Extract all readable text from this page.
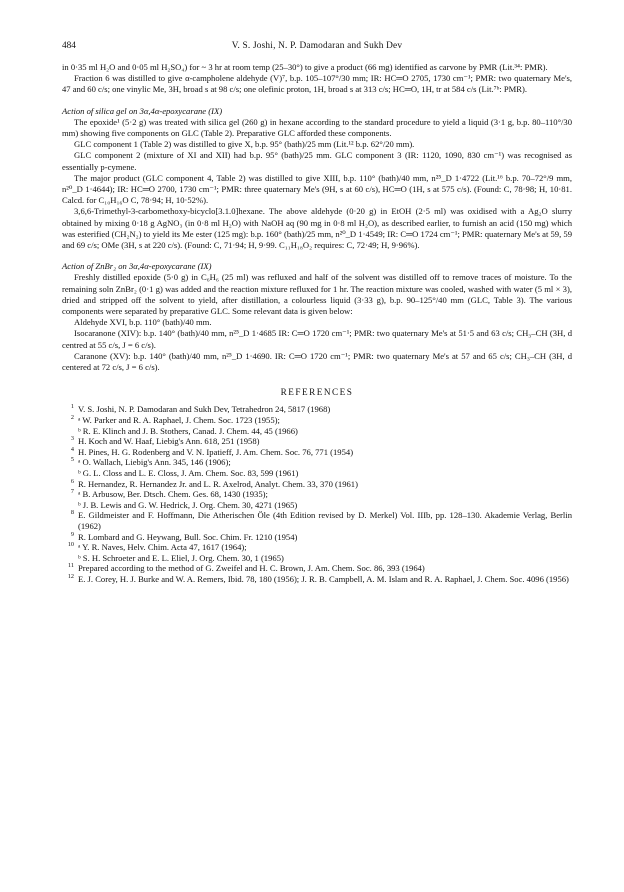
484	V. S. Joshi, N. P. Damodaran and Sukh Dev

in 0·35 ml H₂O and 0·05 ml H₂SO₄) for ~ 3 hr at room temp (25–30°) to give a product (66 mg) identified as carvone by PMR (Lit.³⁴: PMR).

Fraction 6 was distilled to give α-campholene aldehyde (V)⁷, b.p. 105–107°/30 mm; IR: HC═O 2705, 1730 cm⁻¹; PMR: two quaternary Me's, 47 and 60 c/s; one vinylic Me, 3H, broad s at 98 c/s; one olefinic proton, 1H, broad s at 313 c/s; HC═O, 1H, tr at 584 c/s (Lit.⁷ᵇ: PMR).

Action of silica gel on 3α,4α-epoxycarane (IX)

The epoxide¹ (5·2 g) was treated with silica gel (260 g) in hexane according to the standard procedure to yield a liquid (3·1 g, b.p. 80–110°/30 mm) showing five components on GLC (Table 2). Preparative GLC afforded these components.

GLC component 1 (Table 2) was distilled to give X, b.p. 95° (bath)/25 mm (Lit.¹² b.p. 62°/20 mm).

GLC component 2 (mixture of XI and XII) had b.p. 95° (bath)/25 mm. GLC component 3 (IR: 1120, 1090, 830 cm⁻¹) was recognised as essentially p-cymene.

The major product (GLC component 4, Table 2) was distilled to give XIII, b.p. 110° (bath)/40 mm, n²⁵_D 1·4722 (Lit.¹⁶ b.p. 70–72°/9 mm, n²⁰_D 1·4644); IR: HC═O 2700, 1730 cm⁻¹; PMR: three quaternary Me's (9H, s at 60 c/s), HC═O (1H, s at 575 c/s). (Found: C, 78·98; H, 10·81. Calcd. for C₁₀H₁₆O C, 78·94; H, 10·52%).

3,6,6-Trimethyl-3-carbomethoxy-bicyclo[3.1.0]hexane. The above aldehyde (0·20 g) in EtOH (2·5 ml) was oxidised with a Ag₂O slurry obtained by mixing 0·18 g AgNO₃ (in 0·8 ml H₂O) with NaOH aq (90 mg in 0·8 ml H₂O), as described earlier, to furnish an acid (150 mg) which was esterified (CH₂N₂) to yield its Me ester (125 mg): b.p. 160° (bath)/25 mm, n²⁰_D 1·4549; IR: C═O 1724 cm⁻¹; PMR: quaternary Me's at 59, 59 and 69 c/s; OMe (3H, s at 220 c/s). (Found: C, 71·94; H, 9·99. C₁₁H₁₈O₂ requires: C, 72·49; H, 9·96%).

Action of ZnBr₂ on 3α,4α-epoxycarane (IX)

Freshly distilled epoxide (5·0 g) in C₆H₆ (25 ml) was refluxed and half of the solvent was distilled off to remove traces of moisture. To the remaining soln ZnBr₂ (0·1 g) was added and the reaction mixture refluxed for 1 hr. The reaction mixture was cooled, washed with water (5 ml × 3), dried and stripped off the solvent to yield, after distillation, a colourless liquid (3·33 g), b.p. 90–125°/40 mm (GLC, Table 3). The various components were separated by preparative GLC. Some relevant data is given below:

Aldehyde XVI, b.p. 110° (bath)/40 mm.

Isocaranone (XIV): b.p. 140° (bath)/40 mm, n²⁵_D 1·4685 IR: C═O 1720 cm⁻¹; PMR: two quaternary Me's at 51·5 and 63 c/s; CH₃–CH (3H, d centred at 55 c/s, J = 6 c/s).

Caranone (XV): b.p. 140° (bath)/40 mm, n²⁵_D 1·4690. IR: C═O 1720 cm⁻¹; PMR: two quaternary Me's at 57 and 65 c/s; CH₃–CH (3H, d centered at 72 c/s, J = 6 c/s).

REFERENCES
1 V. S. Joshi, N. P. Damodaran and Sukh Dev, Tetrahedron 24, 5817 (1968)
2 ᵃ W. Parker and R. A. Raphael, J. Chem. Soc. 1723 (1955);
ᵇ R. E. Klinch and J. B. Stothers, Canad. J. Chem. 44, 45 (1966)
3 H. Koch and W. Haaf, Liebig's Ann. 618, 251 (1958)
4 H. Pines, H. G. Rodenberg and V. N. Ipatieff, J. Am. Chem. Soc. 76, 771 (1954)
5 ᵃ O. Wallach, Liebig's Ann. 345, 146 (1906);
ᵇ G. L. Closs and L. E. Closs, J. Am. Chem. Soc. 83, 599 (1961)
6 R. Hernandez, R. Hernandez Jr. and L. R. Axelrod, Analyt. Chem. 33, 370 (1961)
7 ᵃ B. Arbusow, Ber. Dtsch. Chem. Ges. 68, 1430 (1935);
ᵇ J. B. Lewis and G. W. Hedrick, J. Org. Chem. 30, 4271 (1965)
8 E. Gildmeister and F. Hoffmann, Die Atherischen Öle (4th Edition revised by D. Merkel) Vol. IIIb, pp. 128–130. Akademie Verlag, Berlin (1962)
9 R. Lombard and G. Heywang, Bull. Soc. Chim. Fr. 1210 (1954)
10 ᵃ Y. R. Naves, Helv. Chim. Acta 47, 1617 (1964);
ᵇ S. H. Schroeter and E. L. Eliel, J. Org. Chem. 30, 1 (1965)
11 Prepared according to the method of G. Zweifel and H. C. Brown, J. Am. Chem. Soc. 86, 393 (1964)
12 E. J. Corey, H. J. Burke and W. A. Remers, Ibid. 78, 180 (1956); J. R. B. Campbell, A. M. Islam and R. A. Raphael, J. Chem. Soc. 4096 (1956)
